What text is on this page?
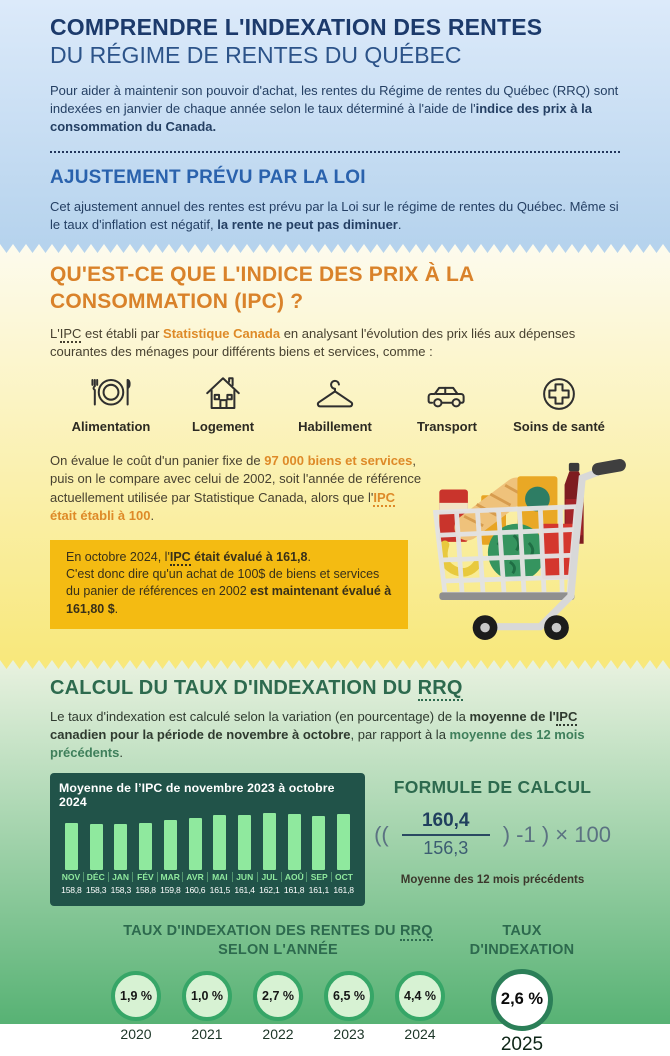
COMPRENDRE L'INDEXATION DES RENTES
DU RÉGIME DE RENTES DU QUÉBEC

Pour aider à maintenir son pouvoir d'achat, les rentes du Régime de rentes du Québec (RRQ) sont indexées en janvier de chaque année selon le taux déterminé à l'aide de l'indice des prix à la consommation du Canada.

AJUSTEMENT PRÉVU PAR LA LOI

Cet ajustement annuel des rentes est prévu par la Loi sur le régime de rentes du Québec. Même si le taux d'inflation est négatif, la rente ne peut pas diminuer.

QU'EST-CE QUE L'INDICE DES PRIX À LA CONSOMMATION (IPC) ?

L'IPC est établi par Statistique Canada en analysant l'évolution des prix liés aux dépenses courantes des ménages pour différents biens et services, comme :

Alimentation	Logement	Habillement	Transport	Soins de santé

On évalue le coût d'un panier fixe de 97 000 biens et services, puis on le compare avec celui de 2002, soit l'année de référence actuellement utilisée par Statistique Canada, alors que l'IPC était établi à 100.

En octobre 2024, l'IPC était évalué à 161,8.
C'est donc dire qu'un achat de 100$ de biens et services du panier de références en 2002 est maintenant évalué à 161,80 $.
CALCUL DU TAUX D'INDEXATION DU RRQ

Le taux d'indexation est calculé selon la variation (en pourcentage) de la moyenne de l'IPC canadien pour la période de novembre à octobre, par rapport à la moyenne des 12 mois précédents.

Moyenne de l’IPC de novembre 2023 à octobre 2024
NOV DÉC JAN FÉV MAR AVR MAI	JUN JUL AOÛ SEP OCT
158,8 158,3 158,3 158,8 159,8 160,6 161,5 161,4 162,1 161,8 161,1 161,8
FORMULE DE CALCUL
(( $\frac{160,4}{156,3}$ ) -1 ) × 100
Moyenne des 12 mois précédents
TAUX D'INDEXATION DES RENTES DU RRQ SELON L'ANNÉE
1,9 %
2020
1,0 %
2021
2,7 %
2022
6,5 %
2023
4,4 %
2024
TAUX D'INDEXATION
2,6 %
2025
